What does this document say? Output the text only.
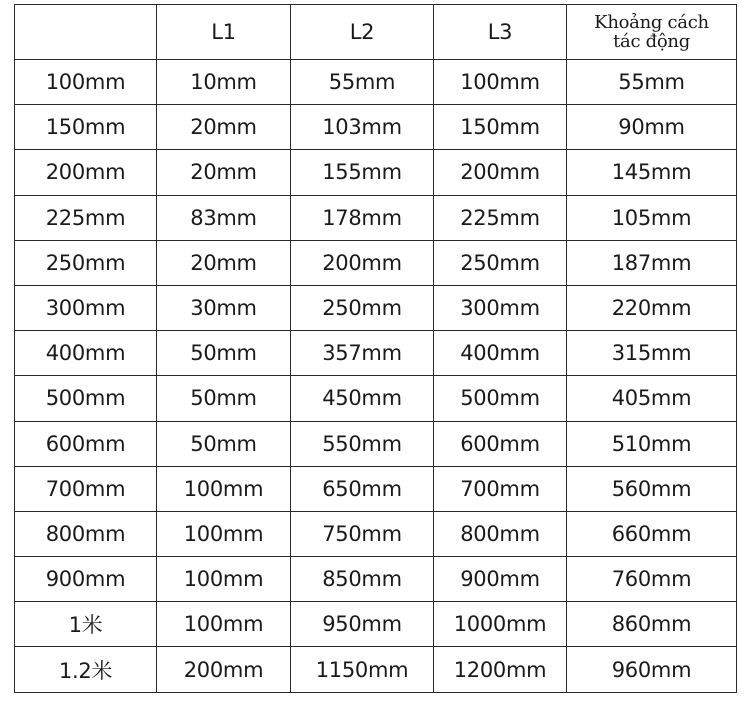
	L1	L2	L3	Khoảng cách
tác động

100mm	10mm	55mm	100mm	55mm
150mm	20mm	103mm	150mm	90mm
200mm	20mm	155mm	200mm	145mm
225mm	83mm	178mm	225mm	105mm
250mm	20mm	200mm	250mm	187mm
300mm	30mm	250mm	300mm	220mm
400mm	50mm	357mm	400mm	315mm
500mm	50mm	450mm	500mm	405mm
600mm	50mm	550mm	600mm	510mm
700mm	100mm	650mm	700mm	560mm
800mm	100mm	750mm	800mm	660mm
900mm	100mm	850mm	900mm	760mm
1米	100mm	950mm	1000mm	860mm
1.2米	200mm	1150mm	1200mm	960mm
